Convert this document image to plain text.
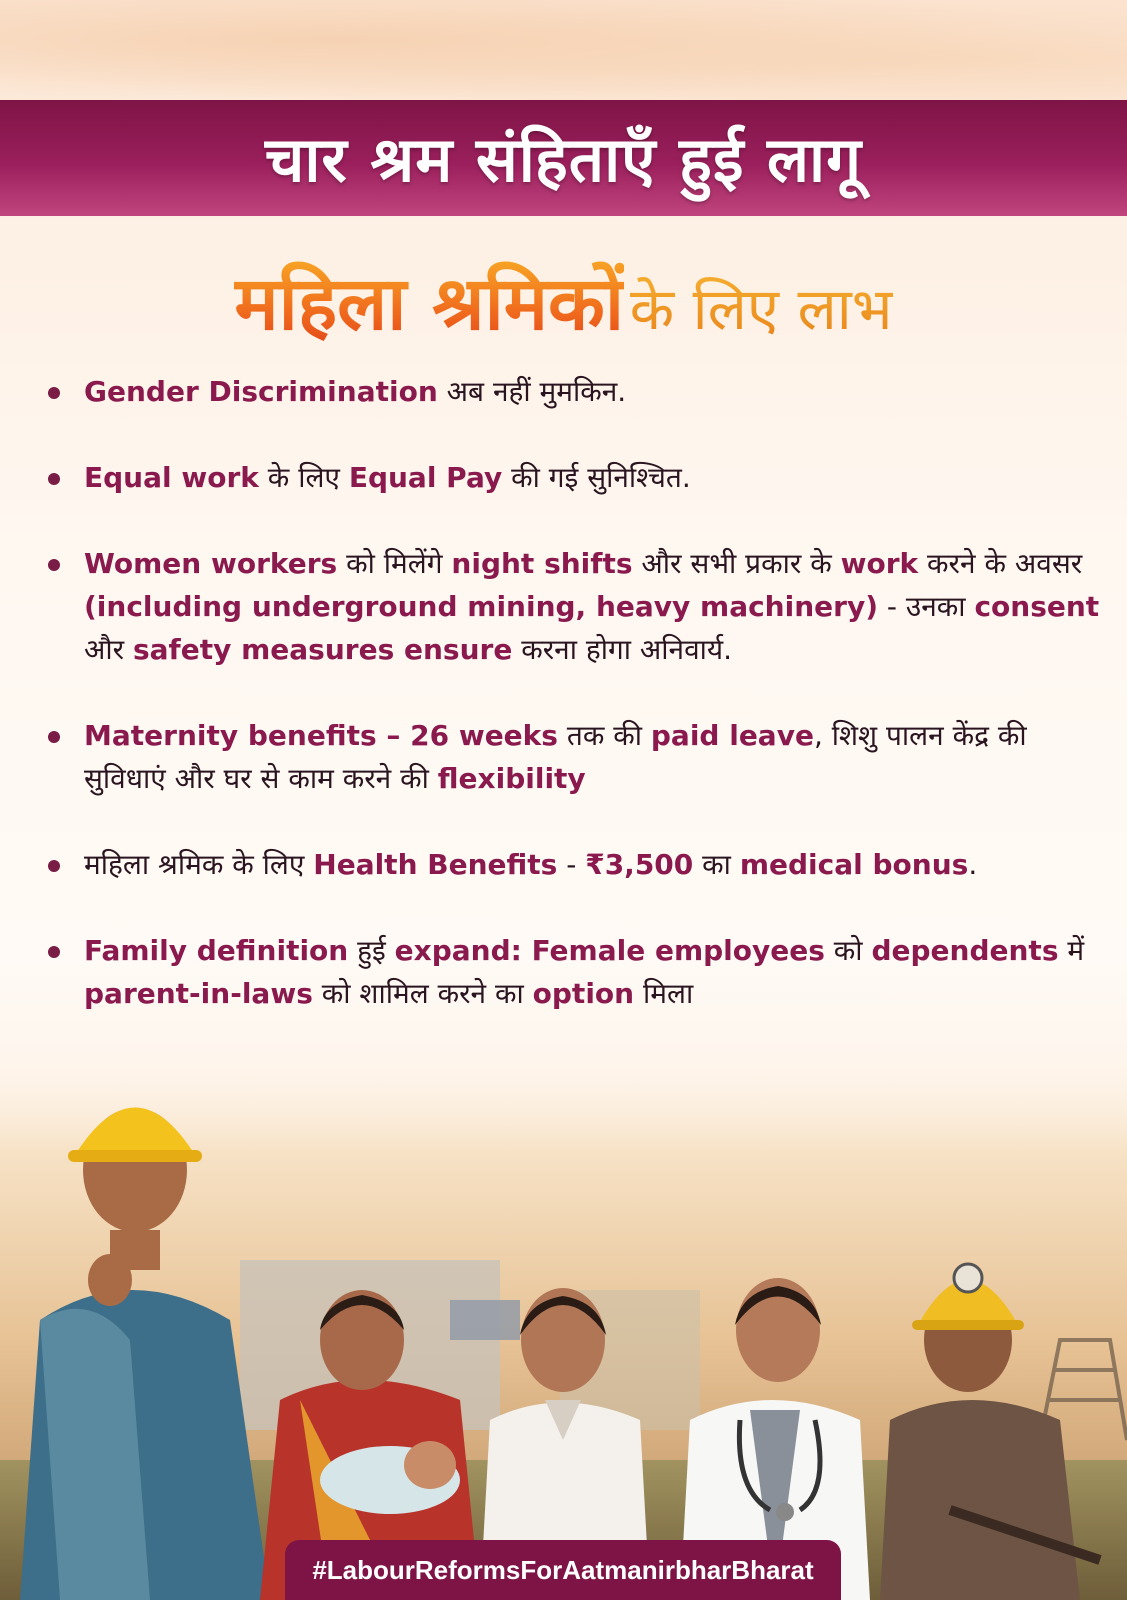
चार श्रम संहिताएँ हुई लागू
महिला श्रमिकों के लिए लाभ
Gender Discrimination अब नहीं मुमकिन.
Equal work के लिए Equal Pay की गई सुनिश्चित.
Women workers को मिलेंगे night shifts और सभी प्रकार के work करने के अवसर (including underground mining, heavy machinery) - उनका consent और safety measures ensure करना होगा अनिवार्य.
Maternity benefits – 26 weeks तक की paid leave, शिशु पालन केंद्र की सुविधाएं और घर से काम करने की flexibility
महिला श्रमिक के लिए Health Benefits - ₹3,500 का medical bonus.
Family definition हुई expand: Female employees को dependents में parent-in-laws को शामिल करने का option मिला
#LabourReformsForAatmanirbharBharat
